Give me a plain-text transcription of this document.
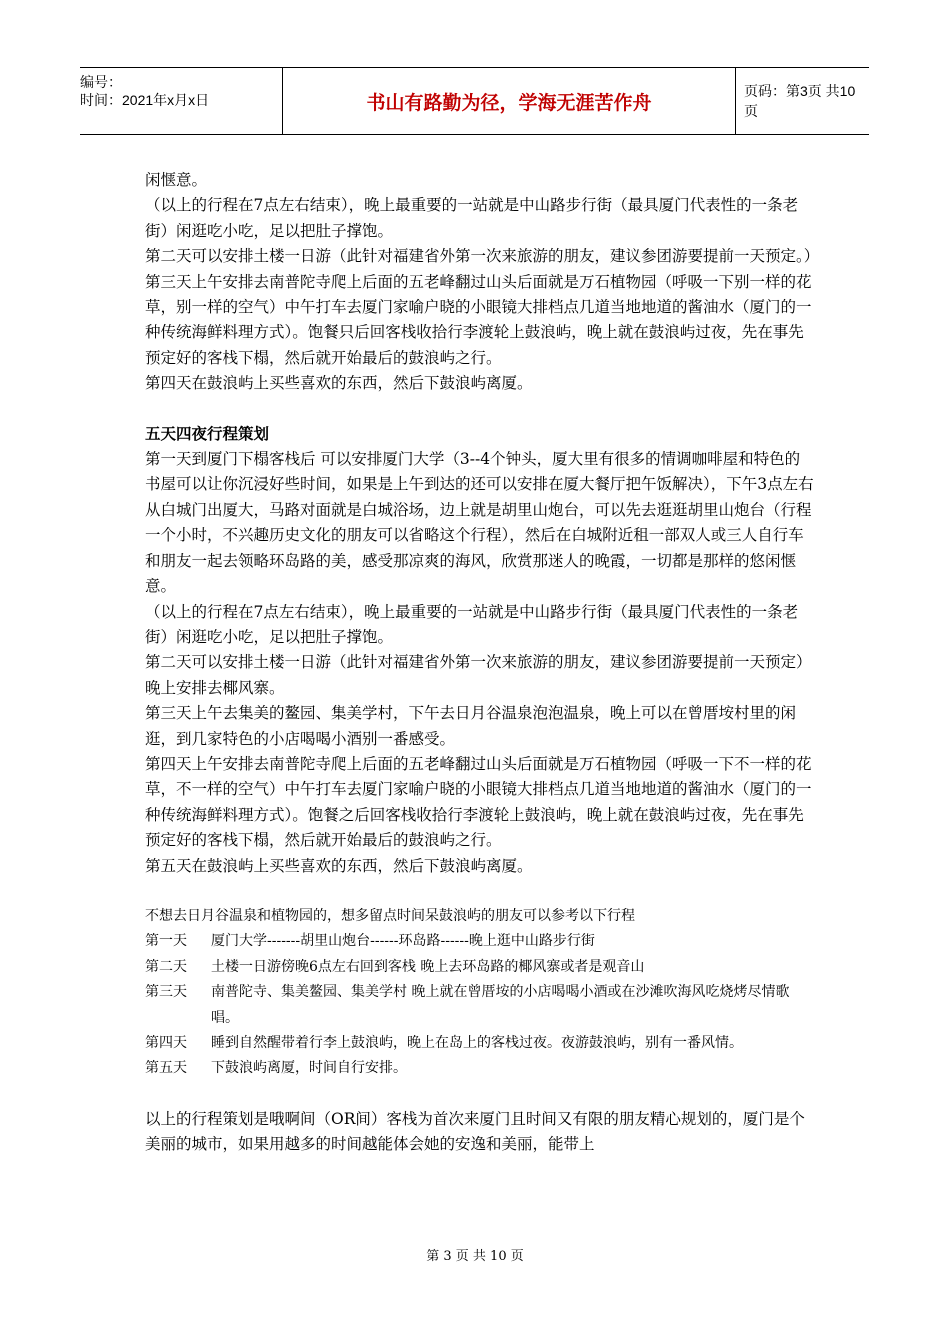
编号：
时间：2021年x月x日	书山有路勤为径，学海无涯苦作舟
页码：第3页 共10页

闲惬意。

（以上的行程在7点左右结束），晚上最重要的一站就是中山路步行街（最具厦门代表性的一条老街）闲逛吃小吃，足以把肚子撑饱。

第二天可以安排土楼一日游（此针对福建省外第一次来旅游的朋友，建议参团游要提前一天预定。）

第三天上午安排去南普陀寺爬上后面的五老峰翻过山头后面就是万石植物园（呼吸一下别一样的花草，别一样的空气）中午打车去厦门家喻户晓的小眼镜大排档点几道当地地道的酱油水（厦门的一种传统海鲜料理方式）。饱餐只后回客栈收拾行李渡轮上鼓浪屿，晚上就在鼓浪屿过夜，先在事先预定好的客栈下榻，然后就开始最后的鼓浪屿之行。

第四天在鼓浪屿上买些喜欢的东西，然后下鼓浪屿离厦。

五天四夜行程策划

第一天到厦门下榻客栈后 可以安排厦门大学（3--4个钟头，厦大里有很多的情调咖啡屋和特色的书屋可以让你沉浸好些时间，如果是上午到达的还可以安排在厦大餐厅把午饭解决），下午3点左右从白城门出厦大，马路对面就是白城浴场，边上就是胡里山炮台，可以先去逛逛胡里山炮台（行程一个小时，不兴趣历史文化的朋友可以省略这个行程），然后在白城附近租一部双人或三人自行车和朋友一起去领略环岛路的美，感受那凉爽的海风，欣赏那迷人的晚霞，一切都是那样的悠闲惬意。

（以上的行程在7点左右结束），晚上最重要的一站就是中山路步行街（最具厦门代表性的一条老街）闲逛吃小吃，足以把肚子撑饱。

第二天可以安排土楼一日游（此针对福建省外第一次来旅游的朋友，建议参团游要提前一天预定）晚上安排去椰风寨。

第三天上午去集美的鳌园、集美学村，下午去日月谷温泉泡泡温泉，晚上可以在曾厝垵村里的闲逛，到几家特色的小店喝喝小酒别一番感受。

第四天上午安排去南普陀寺爬上后面的五老峰翻过山头后面就是万石植物园（呼吸一下不一样的花草，不一样的空气）中午打车去厦门家喻户晓的小眼镜大排档点几道当地地道的酱油水（厦门的一种传统海鲜料理方式）。饱餐之后回客栈收拾行李渡轮上鼓浪屿，晚上就在鼓浪屿过夜，先在事先预定好的客栈下榻，然后就开始最后的鼓浪屿之行。

第五天在鼓浪屿上买些喜欢的东西，然后下鼓浪屿离厦。

不想去日月谷温泉和植物园的，想多留点时间呆鼓浪屿的朋友可以参考以下行程

第一天	厦门大学-------胡里山炮台------环岛路------晚上逛中山路步行街
第二天	土楼一日游傍晚6点左右回到客栈 晚上去环岛路的椰风寨或者是观音山
第三天	南普陀寺、集美鳌园、集美学村 晚上就在曾厝垵的小店喝喝小酒或在沙滩吹海风吃烧烤尽情歌唱。
第四天	睡到自然醒带着行李上鼓浪屿，晚上在岛上的客栈过夜。夜游鼓浪屿，别有一番风情。
第五天	下鼓浪屿离厦，时间自行安排。

以上的行程策划是哦啊间（OR间）客栈为首次来厦门且时间又有限的朋友精心规划的，厦门是个美丽的城市，如果用越多的时间越能体会她的安逸和美丽，能带上

第 3 页 共 10 页
